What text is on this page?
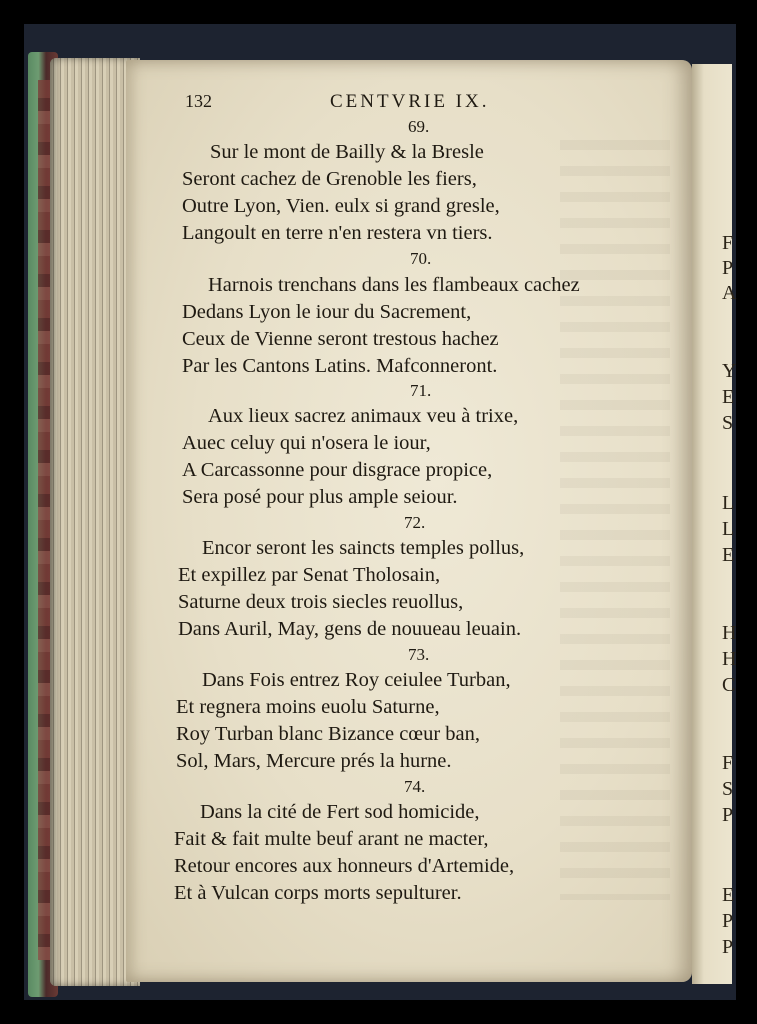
F
P
A
Y
E
S
L
L
E
H
H
C
F
S
P
E
P
P
132	CENTVRIE IX.
69.
Sur le mont de Bailly & la Bresle
Seront cachez de Grenoble les fiers,
Outre Lyon, Vien. eulx si grand gresle,
Langoult en terre n'en restera vn tiers.
70.
Harnois trenchans dans les flambeaux cachez
Dedans Lyon le iour du Sacrement,
Ceux de Vienne seront trestous hachez
Par les Cantons Latins. Mafconneront.
71.
Aux lieux sacrez animaux veu à trixe,
Auec celuy qui n'osera le iour,
A Carcassonne pour disgrace propice,
Sera posé pour plus ample seiour.
72.
Encor seront les saincts temples pollus,
Et expillez par Senat Tholosain,
Saturne deux trois siecles reuollus,
Dans Auril, May, gens de nouueau leuain.
73.
Dans Fois entrez Roy ceiulee Turban,
Et regnera moins euolu Saturne,
Roy Turban blanc Bizance cœur ban,
Sol, Mars, Mercure prés la hurne.
74.
Dans la cité de Fert sod homicide,
Fait & fait multe beuf arant ne macter,
Retour encores aux honneurs d'Artemide,
Et à Vulcan corps morts sepulturer.
